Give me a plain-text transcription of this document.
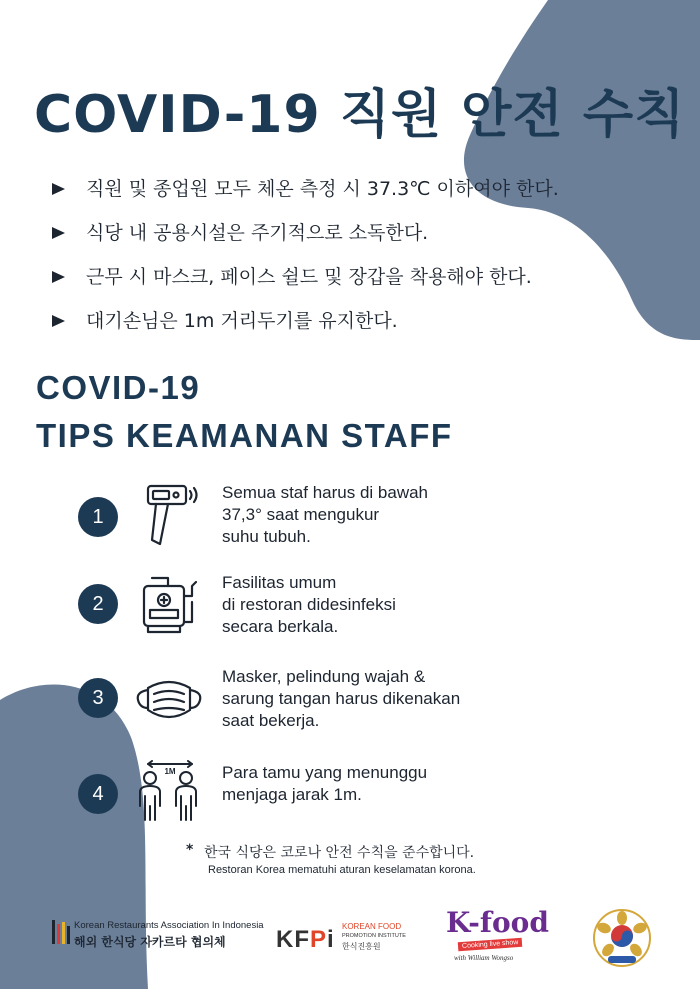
COVID-19 직원 안전 수칙
직원 및 종업원 모두 체온 측정 시 37.3℃ 이하여야 한다.
식당 내 공용시설은 주기적으로 소독한다.
근무 시 마스크, 페이스 쉴드 및 장갑을 착용해야 한다.
대기손님은 1m 거리두기를 유지한다.
COVID-19
TIPS KEAMANAN STAFF
1
Semua staf harus di bawah
37,3° saat mengukur
suhu tubuh.
2
Fasilitas umum
di restoran didesinfeksi
secara berkala.
3
Masker, pelindung wajah &
sarung tangan harus dikenakan
saat bekerja.
4
1M	Para tamu yang menunggu
menjaga jarak 1m.
* 한국 식당은 코로나 안전 수칙을 준수합니다.
Restoran Korea mematuhi aturan keselamatan korona.
Korean Restaurants Association In Indonesia
해외 한식당 자카르타 협의체 KFPi KOREAN FOOD
PROMOTION INSTITUTE
한식진흥원
K-food
Cooking live show
with William Wongso
